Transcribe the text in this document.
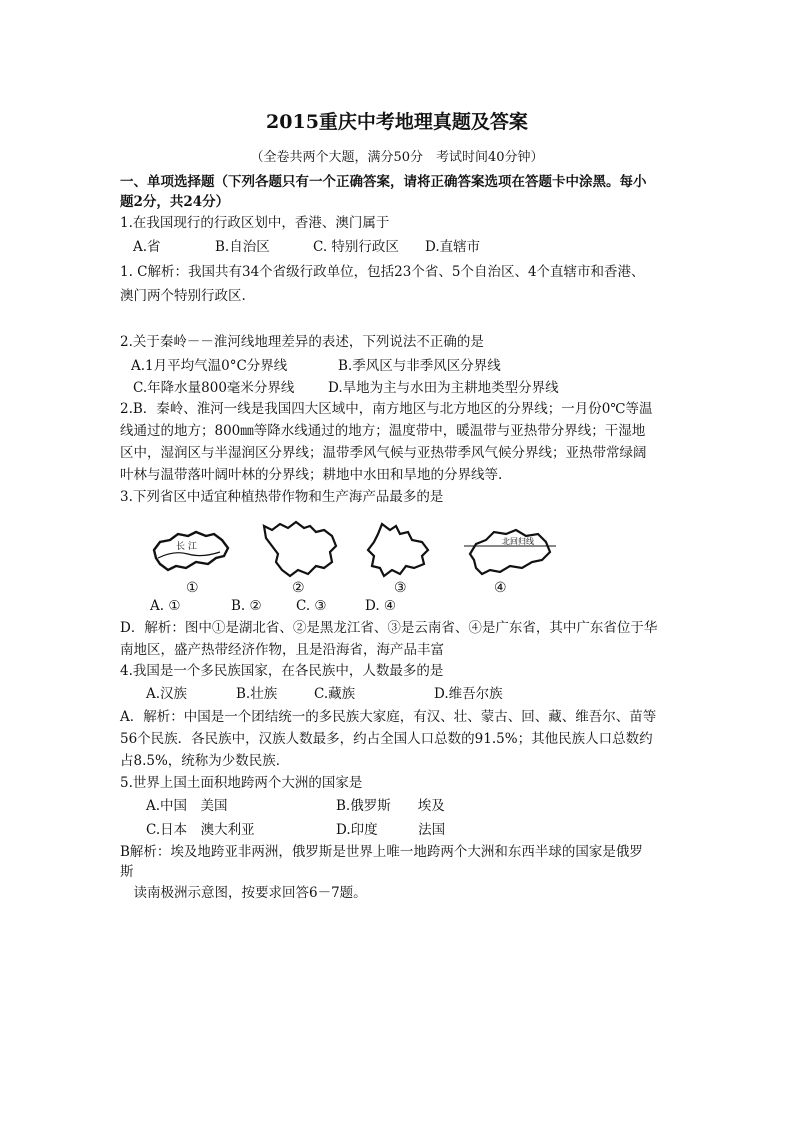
2015重庆中考地理真题及答案
（全卷共两个大题，满分50分　考试时间40分钟）
一、单项选择题（下列各题只有一个正确答案，请将正确答案选项在答题卡中涂黑。每小
题2分，共24分）
1.在我国现行的行政区划中，香港、澳门属于
A.省	B.自治区	C. 特别行政区 D.直辖市
1. C解析：我国共有34个省级行政单位，包括23个省、5个自治区、4个直辖市和香港、
澳门两个特别行政区.
2.关于秦岭－－淮河线地理差异的表述，下列说法不正确的是
A.1月平均气温0°C分界线	B.季风区与非季风区分界线
C.年降水量800毫米分界线 D.旱地为主与水田为主耕地类型分界线
2.B．秦岭、淮河一线是我国四大区域中，南方地区与北方地区的分界线；一月份0℃等温
线通过的地方；800㎜等降水线通过的地方；温度带中，暖温带与亚热带分界线；干湿地
区中，湿润区与半湿润区分界线；温带季风气候与亚热带季风气候分界线；亚热带常绿阔
叶林与温带落叶阔叶林的分界线；耕地中水田和旱地的分界线等.
3.下列省区中适宜种植热带作物和生产海产品最多的是
长 江
北回归线
①	②	③	④
A. ①	B. ②	C. ③	D. ④
D．解析：图中①是湖北省、②是黑龙江省、③是云南省、④是广东省，其中广东省位于华
南地区，盛产热带经济作物，且是沿海省，海产品丰富
4.我国是一个多民族国家，在各民族中，人数最多的是
A.汉族	B.壮族	C.藏族	D.维吾尔族
A．解析：中国是一个团结统一的多民族大家庭，有汉、壮、蒙古、回、藏、维吾尔、苗等
56个民族．各民族中，汉族人数最多，约占全国人口总数的91.5%；其他民族人口总数约
占8.5%，统称为少数民族．
5.世界上国土面积地跨两个大洲的国家是
A.中国　美国	B.俄罗斯　　埃及
C.日本　澳大利亚	D.印度　　　法国
B解析：埃及地跨亚非两洲，俄罗斯是世界上唯一地跨两个大洲和东西半球的国家是俄罗
斯
　读南极洲示意图，按要求回答6－7题。
